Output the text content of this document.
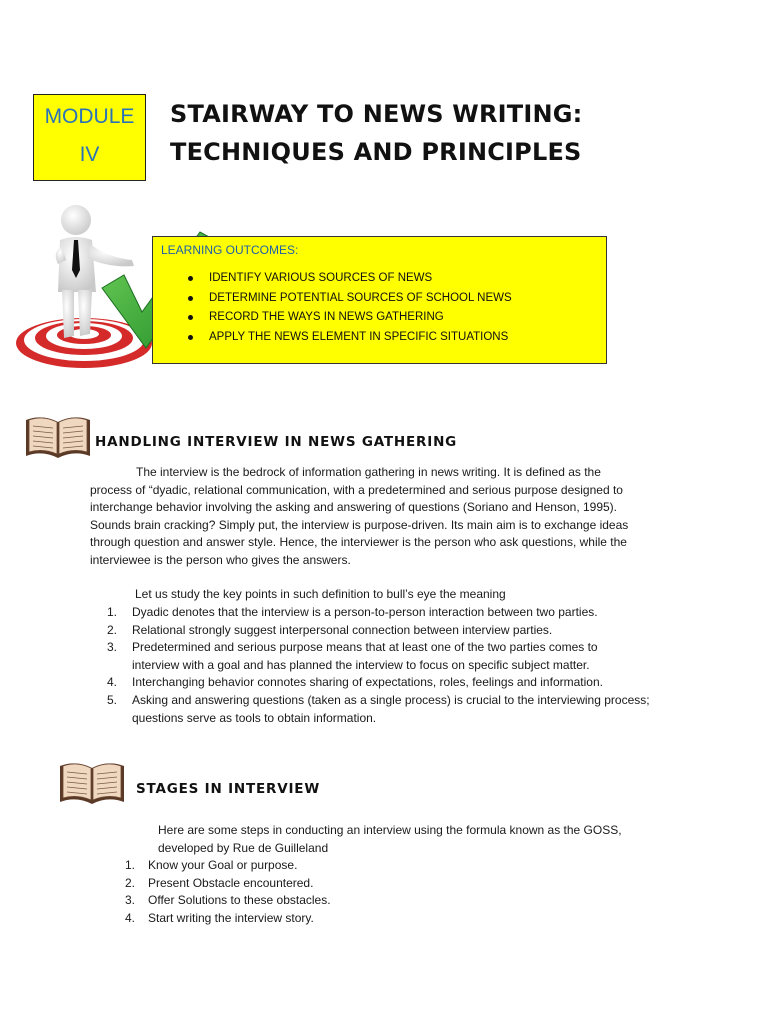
MODULE
IV
STAIRWAY TO NEWS WRITING:
TECHNIQUES AND PRINCIPLES
LEARNING OUTCOMES:
IDENTIFY VARIOUS SOURCES OF NEWS
DETERMINE POTENTIAL SOURCES OF SCHOOL NEWS
RECORD THE WAYS IN NEWS GATHERING
APPLY THE NEWS ELEMENT IN SPECIFIC SITUATIONS
HANDLING INTERVIEW IN NEWS GATHERING
The interview is the bedrock of information gathering in news writing. It is defined as the
process of “dyadic, relational communication, with a predetermined and serious purpose designed to
interchange behavior involving the asking and answering of questions (Soriano and Henson, 1995).
Sounds brain cracking? Simply put, the interview is purpose-driven. Its main aim is to exchange ideas
through question and answer style. Hence, the interviewer is the person who ask questions, while the
interviewee is the person who gives the answers.
Let us study the key points in such definition to bull’s eye the meaning
1. Dyadic denotes that the interview is a person-to-person interaction between two parties.
2. Relational strongly suggest interpersonal connection between interview parties.
3. Predetermined and serious purpose means that at least one of the two parties comes to
interview with a goal and has planned the interview to focus on specific subject matter.
4. Interchanging behavior connotes sharing of expectations, roles, feelings and information.
5. Asking and answering questions (taken as a single process) is crucial to the interviewing process;
questions serve as tools to obtain information.
STAGES IN INTERVIEW
Here are some steps in conducting an interview using the formula known as the GOSS,
developed by Rue de Guilleland
1. Know your Goal or purpose.
2. Present Obstacle encountered.
3. Offer Solutions to these obstacles.
4. Start writing the interview story.
